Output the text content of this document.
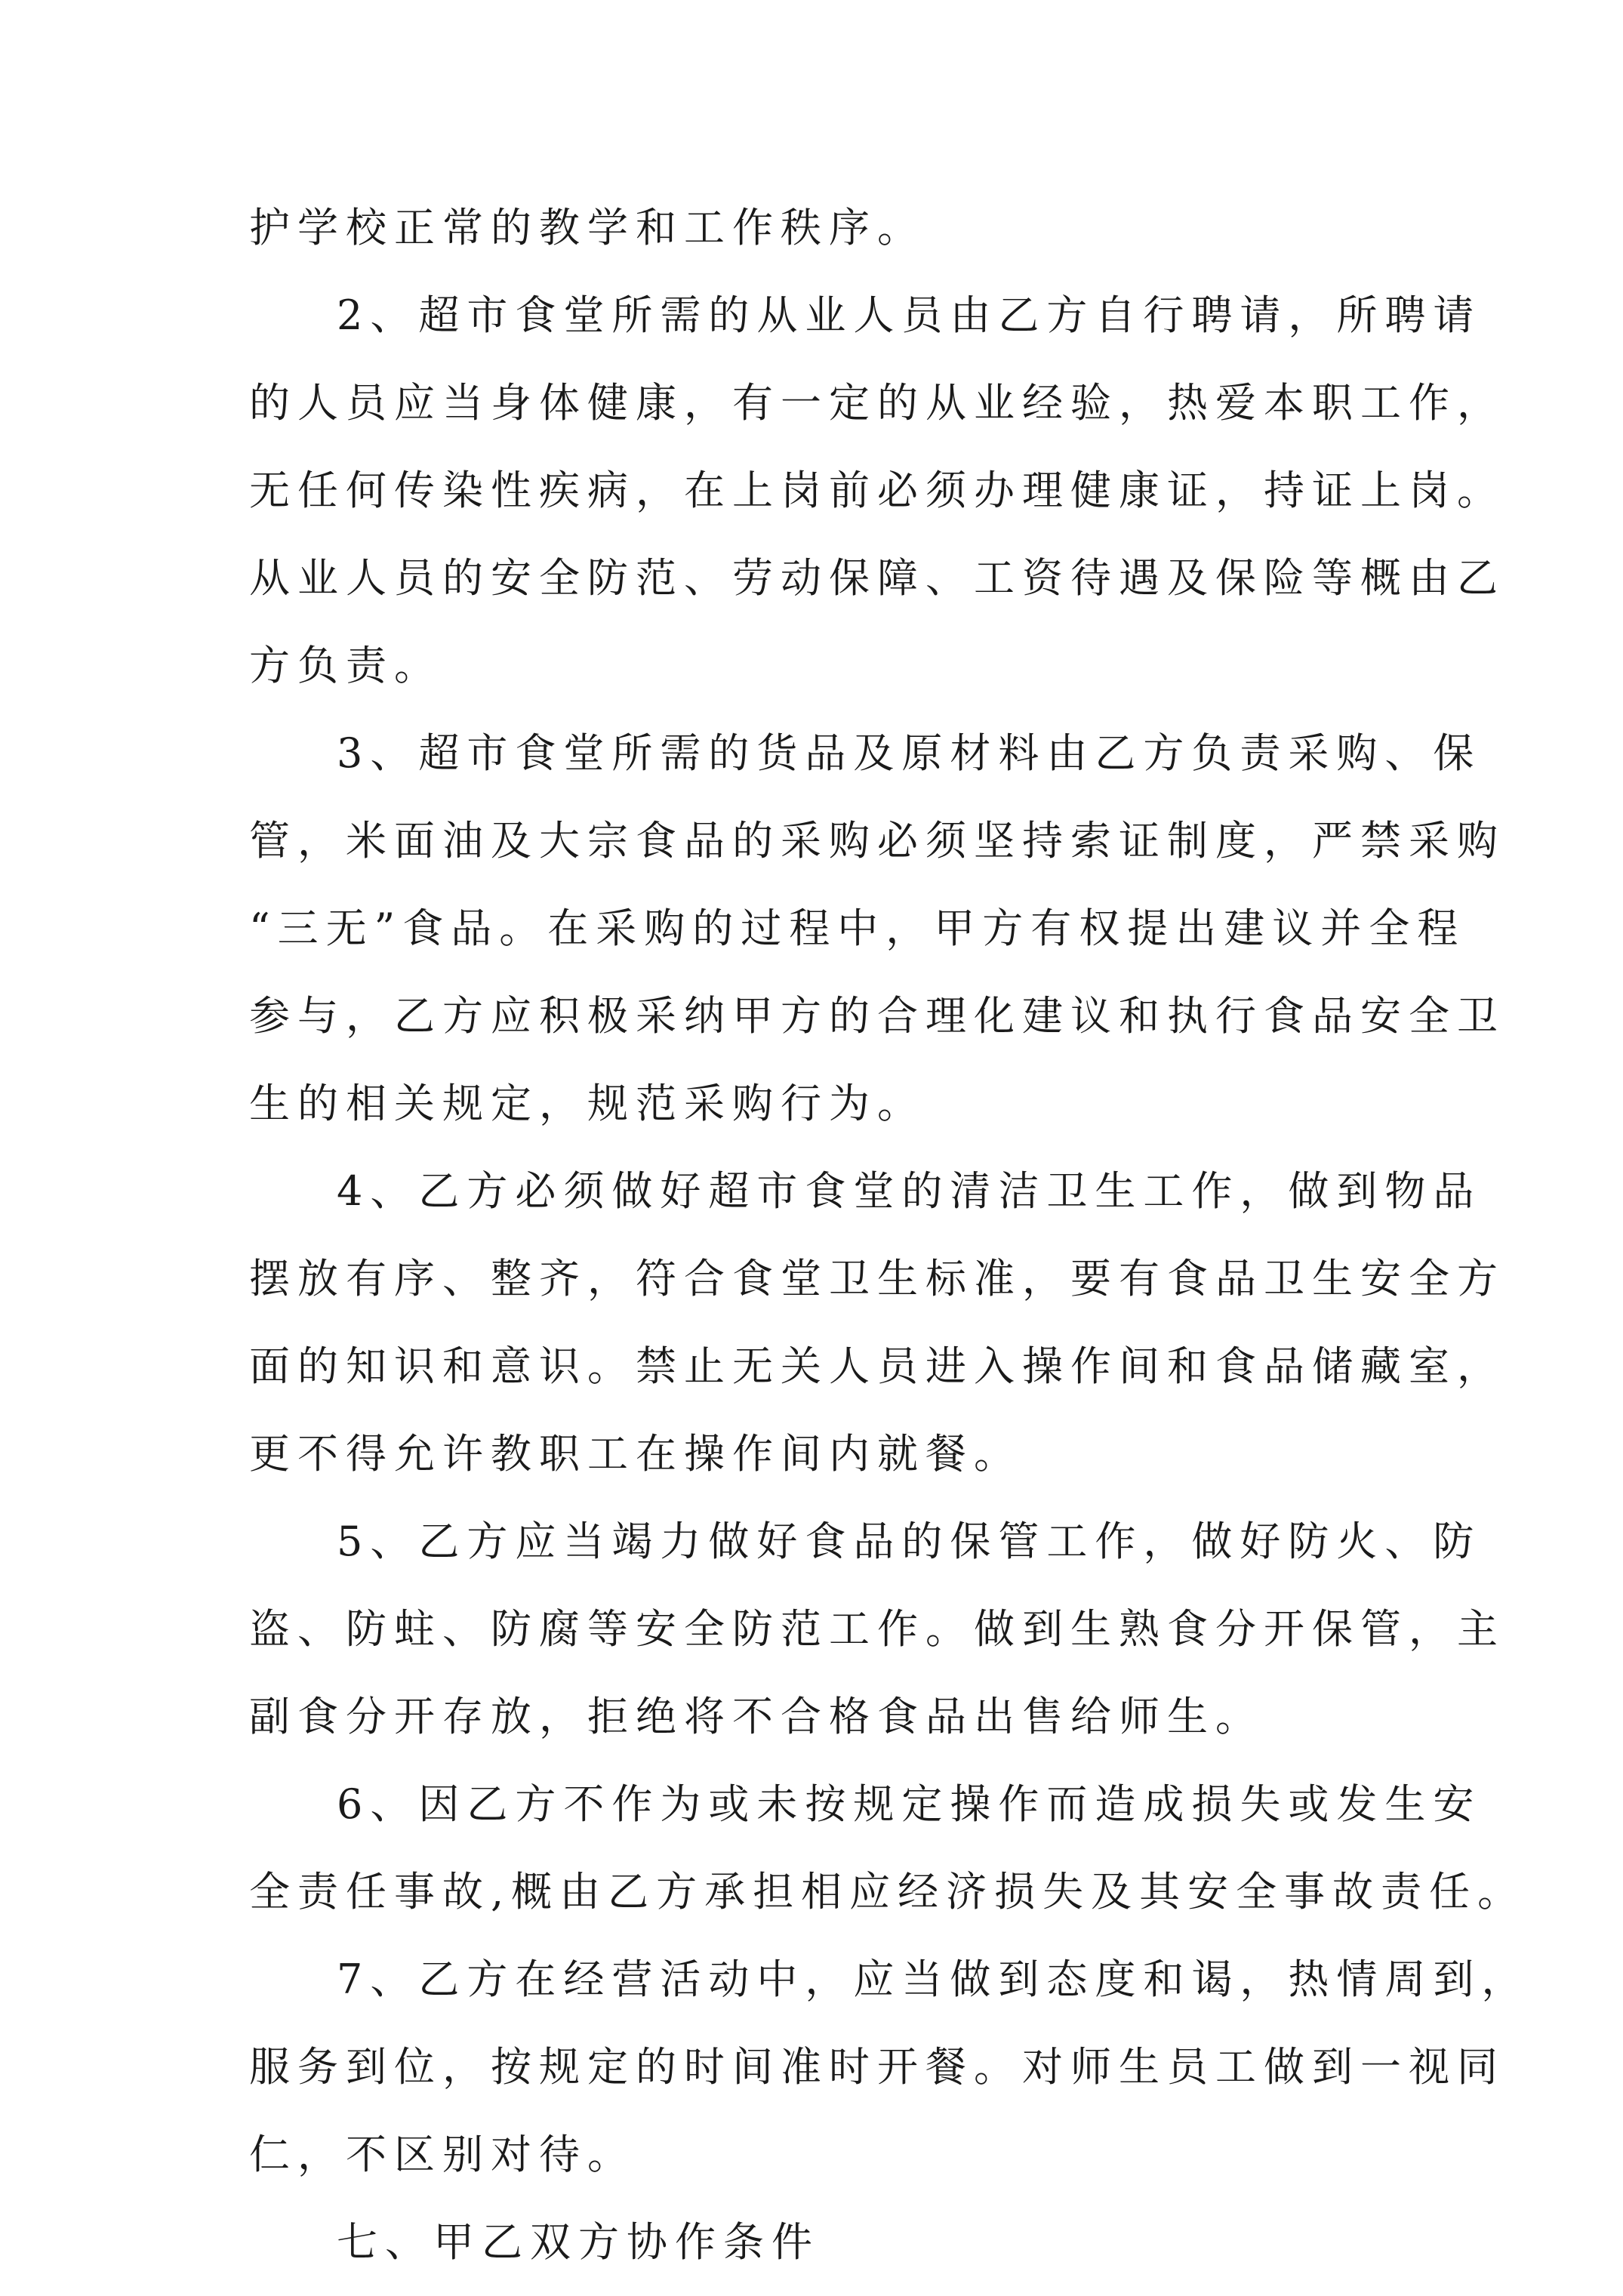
护学校正常的教学和工作秩序。
2、超市食堂所需的从业人员由乙方自行聘请，所聘请
的人员应当身体健康，有一定的从业经验，热爱本职工作，
无任何传染性疾病，在上岗前必须办理健康证，持证上岗。
从业人员的安全防范、劳动保障、工资待遇及保险等概由乙
方负责。
3、超市食堂所需的货品及原材料由乙方负责采购、保
管，米面油及大宗食品的采购必须坚持索证制度，严禁采购
“三无”食品。在采购的过程中，甲方有权提出建议并全程
参与，乙方应积极采纳甲方的合理化建议和执行食品安全卫
生的相关规定，规范采购行为。
4、乙方必须做好超市食堂的清洁卫生工作，做到物品
摆放有序、整齐，符合食堂卫生标准，要有食品卫生安全方
面的知识和意识。禁止无关人员进入操作间和食品储藏室，
更不得允许教职工在操作间内就餐。
5、乙方应当竭力做好食品的保管工作，做好防火、防
盗、防蛀、防腐等安全防范工作。做到生熟食分开保管，主
副食分开存放，拒绝将不合格食品出售给师生。
6、因乙方不作为或未按规定操作而造成损失或发生安
全责任事故,概由乙方承担相应经济损失及其安全事故责任。
7、乙方在经营活动中，应当做到态度和谒，热情周到，
服务到位，按规定的时间准时开餐。对师生员工做到一视同
仁，不区别对待。
七、甲乙双方协作条件
